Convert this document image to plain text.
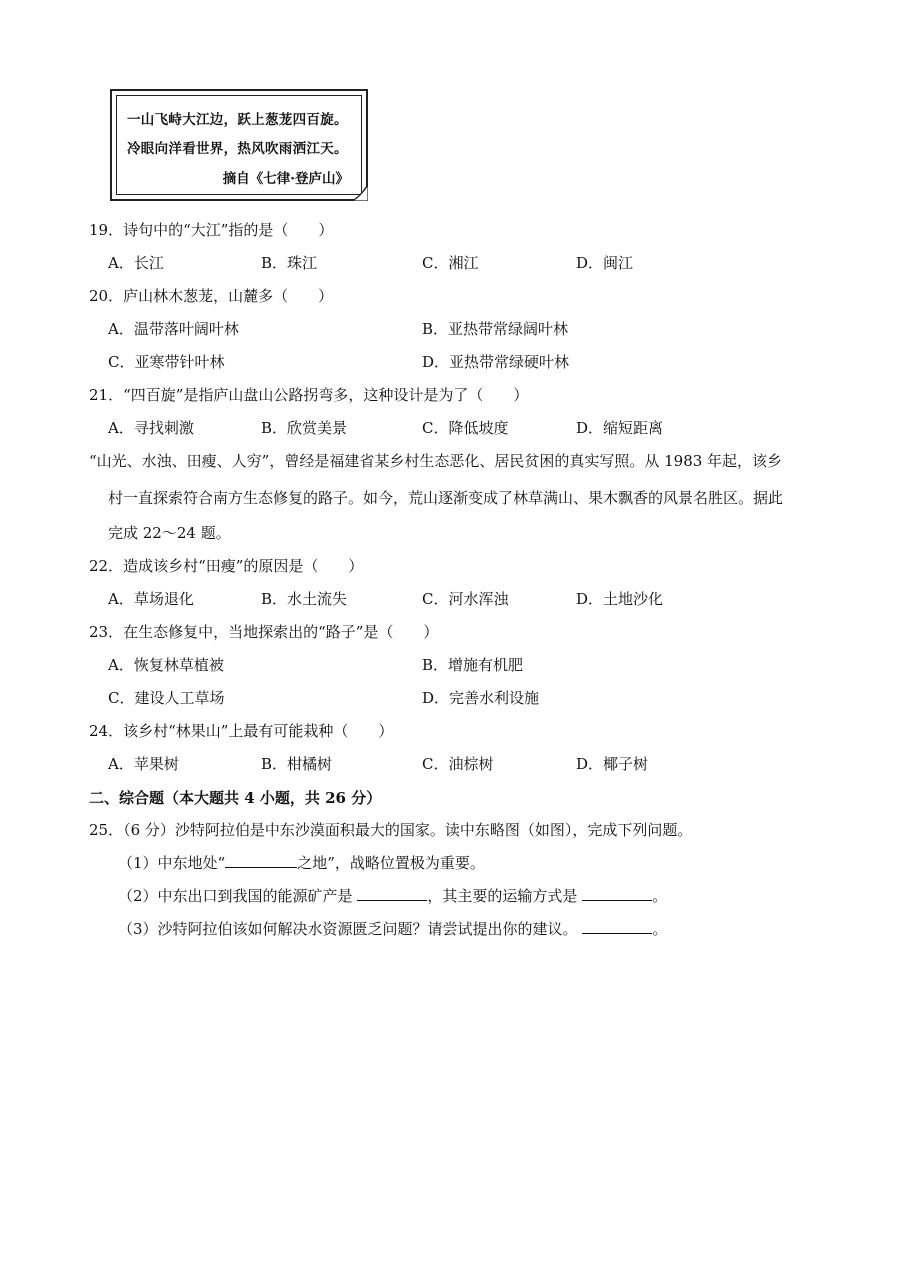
一山飞峙大江边，跃上葱茏四百旋。
冷眼向洋看世界，热风吹雨洒江天。
摘自《七律·登庐山》
19．诗句中的“大江”指的是（　　）
A．长江	B．珠江	C．湘江	D．闽江
20．庐山林木葱茏，山麓多（　　）
A．温带落叶阔叶林	B．亚热带常绿阔叶林
C．亚寒带针叶林	D．亚热带常绿硬叶林
21．“四百旋”是指庐山盘山公路拐弯多，这种设计是为了（　　）
A．寻找刺激	B．欣赏美景	C．降低坡度	D．缩短距离
“山光、水浊、田瘦、人穷”，曾经是福建省某乡村生态恶化、居民贫困的真实写照。从 1983 年起，该乡
村一直探索符合南方生态修复的路子。如今，荒山逐渐变成了林草满山、果木飘香的风景名胜区。据此
完成 22～24 题。
22．造成该乡村“田瘦”的原因是（　　）
A．草场退化	B．水土流失	C．河水浑浊	D．土地沙化
23．在生态修复中，当地探索出的“路子”是（　　）
A．恢复林草植被	B．增施有机肥
C．建设人工草场	D．完善水利设施
24．该乡村“林果山”上最有可能栽种（　　）
A．苹果树	B．柑橘树	C．油棕树	D．椰子树
二、综合题（本大题共 4 小题，共 26 分）
25．（6 分）沙特阿拉伯是中东沙漠面积最大的国家。读中东略图（如图），完成下列问题。
（1）中东地处“	之地”，战略位置极为重要。
（2）中东出口到我国的能源矿产是	，其主要的运输方式是	。
（3）沙特阿拉伯该如何解决水资源匮乏问题？请尝试提出你的建议。	。
